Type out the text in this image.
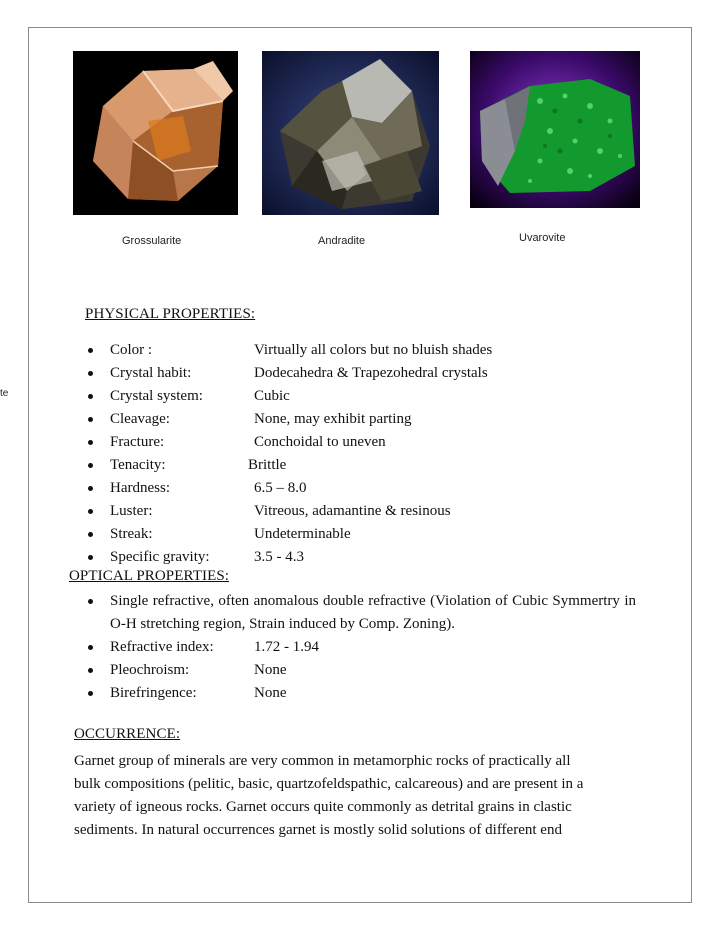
te
Grossularite	Andradite	Uvarovite
PHYSICAL PROPERTIES:
Color :	Virtually all colors but no bluish shades
Crystal habit:	Dodecahedra & Trapezohedral crystals
Crystal system:	Cubic
Cleavage:	None, may exhibit parting
Fracture:	Conchoidal to uneven
Tenacity:	Brittle
Hardness:	6.5 – 8.0
Luster:	Vitreous, adamantine & resinous
Streak:	Undeterminable
Specific gravity:	3.5 - 4.3
OPTICAL PROPERTIES:
Single refractive, often anomalous double refractive (Violation of Cubic Symmertry in O-H stretching region, Strain induced by Comp. Zoning).
Refractive index:	1.72 - 1.94
Pleochroism:	None
Birefringence:	None
OCCURRENCE:
Garnet group of minerals are very common in metamorphic rocks of practically all
bulk compositions (pelitic, basic, quartzofeldspathic, calcareous) and are present in a
variety of igneous rocks. Garnet occurs quite commonly as detrital grains in clastic
sediments. In natural occurrences garnet is mostly solid solutions of different end
